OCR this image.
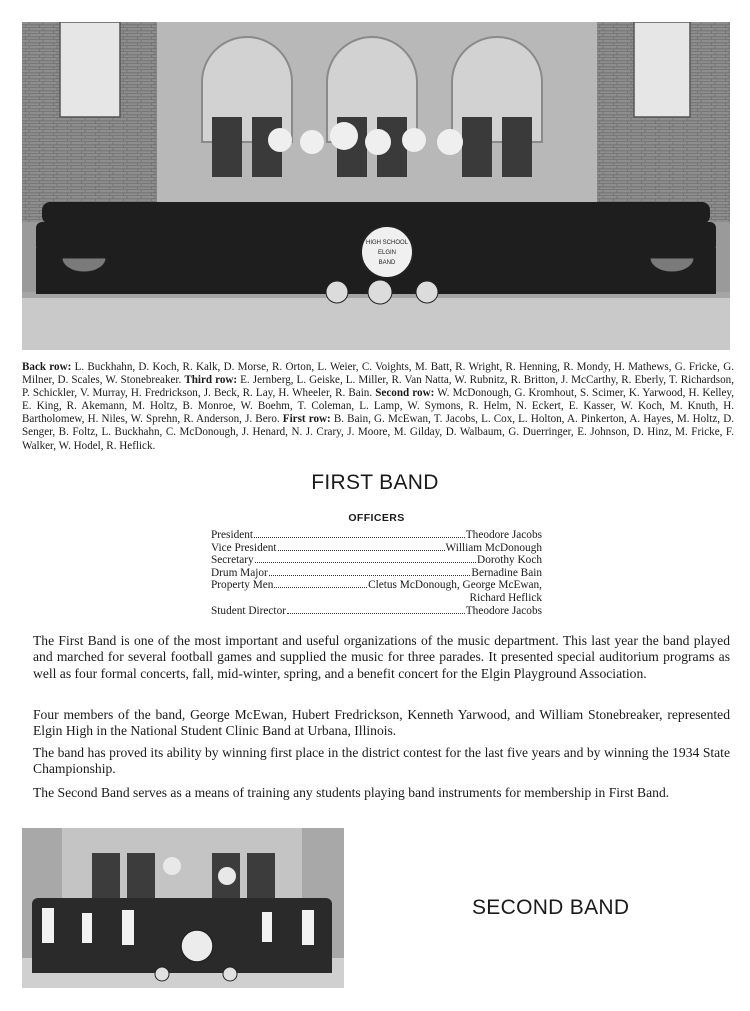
HIGH SCHOOL
ELGIN
BAND

Back row: L. Buckhahn, D. Koch, R. Kalk, D. Morse, R. Orton, L. Weier, C. Voights, M. Batt, R. Wright, R. Henning, R. Mondy, H. Mathews, G. Fricke, G. Milner, D. Scales, W. Stonebreaker. Third row: E. Jernberg, L. Geiske, L. Miller, R. Van Natta, W. Rubnitz, R. Britton, J. McCarthy, R. Eberly, T. Richardson, P. Schickler, V. Murray, H. Fredrickson, J. Beck, R. Lay, H. Wheeler, R. Bain. Second row: W. McDonough, G. Kromhout, S. Scimer, K. Yarwood, H. Kelley, E. King, R. Akemann, M. Holtz, B. Monroe, W. Boehm, T. Coleman, L. Lamp, W. Symons, R. Helm, N. Eckert, E. Kasser, W. Koch, M. Knuth, H. Bartholomew, H. Niles, W. Sprehn, R. Anderson, J. Bero. First row: B. Bain, G. McEwan, T. Jacobs, L. Cox, L. Holton, A. Pinkerton, A. Hayes, M. Holtz, D. Senger, B. Foltz, L. Buckhahn, C. McDonough, J. Henard, N. J. Crary, J. Moore, M. Gilday, D. Walbaum, G. Duerringer, E. Johnson, D. Hinz, M. Fricke, F. Walker, W. Hodel, R. Heflick.

FIRST BAND
OFFICERS
President	Theodore Jacobs
Vice President	William McDonough
Secretary	Dorothy Koch
Drum Major	Bernadine Bain
Property Men	Cletus McDonough, George McEwan,
Richard Heflick
Student Director	Theodore Jacobs

The First Band is one of the most important and useful organizations of the music department. This last year the band played and marched for several football games and supplied the music for three parades. It presented special auditorium programs as well as four formal concerts, fall, mid-winter, spring, and a benefit concert for the Elgin Playground Association.

Four members of the band, George McEwan, Hubert Fredrickson, Kenneth Yarwood, and William Stonebreaker, represented Elgin High in the National Student Clinic Band at Urbana, Illinois.

The band has proved its ability by winning first place in the district contest for the last five years and by winning the 1934 State Championship.

The Second Band serves as a means of training any students playing band instruments for membership in First Band.

SECOND BAND
